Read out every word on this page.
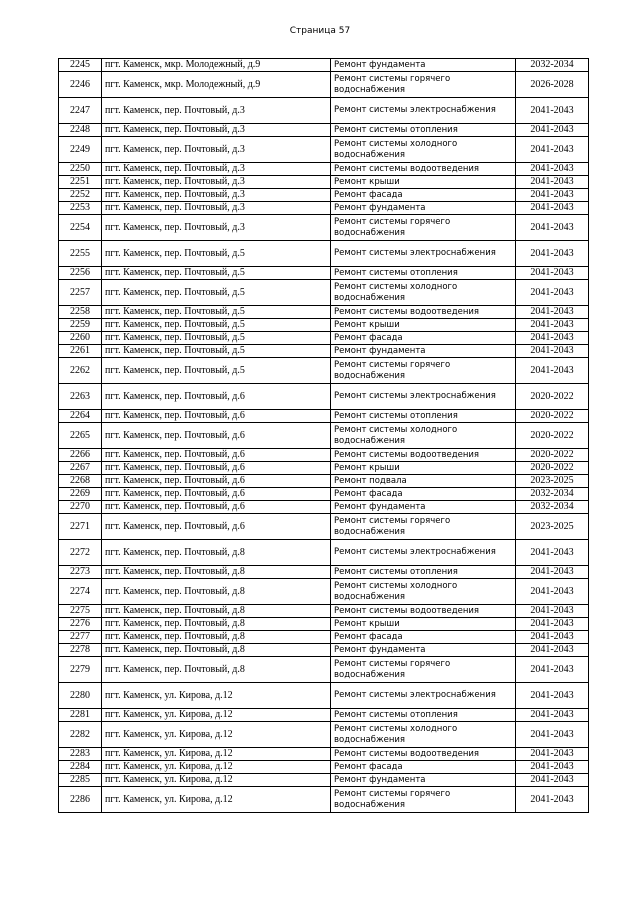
Страница 57
2245	пгт. Каменск, мкр. Молодежный, д.9	Ремонт фундамента	2032-2034
2246	пгт. Каменск, мкр. Молодежный, д.9	Ремонт системы горячего водоснабжения	2026-2028
2247	пгт. Каменск, пер. Почтовый, д.3	Ремонт системы электроснабжения	2041-2043
2248	пгт. Каменск, пер. Почтовый, д.3	Ремонт системы отопления	2041-2043
2249	пгт. Каменск, пер. Почтовый, д.3	Ремонт системы холодного водоснабжения	2041-2043
2250	пгт. Каменск, пер. Почтовый, д.3	Ремонт системы водоотведения	2041-2043
2251	пгт. Каменск, пер. Почтовый, д.3	Ремонт крыши	2041-2043
2252	пгт. Каменск, пер. Почтовый, д.3	Ремонт фасада	2041-2043
2253	пгт. Каменск, пер. Почтовый, д.3	Ремонт фундамента	2041-2043
2254	пгт. Каменск, пер. Почтовый, д.3	Ремонт системы горячего водоснабжения	2041-2043
2255	пгт. Каменск, пер. Почтовый, д.5	Ремонт системы электроснабжения	2041-2043
2256	пгт. Каменск, пер. Почтовый, д.5	Ремонт системы отопления	2041-2043
2257	пгт. Каменск, пер. Почтовый, д.5	Ремонт системы холодного водоснабжения	2041-2043
2258	пгт. Каменск, пер. Почтовый, д.5	Ремонт системы водоотведения	2041-2043
2259	пгт. Каменск, пер. Почтовый, д.5	Ремонт крыши	2041-2043
2260	пгт. Каменск, пер. Почтовый, д.5	Ремонт фасада	2041-2043
2261	пгт. Каменск, пер. Почтовый, д.5	Ремонт фундамента	2041-2043
2262	пгт. Каменск, пер. Почтовый, д.5	Ремонт системы горячего водоснабжения	2041-2043
2263	пгт. Каменск, пер. Почтовый, д.6	Ремонт системы электроснабжения	2020-2022
2264	пгт. Каменск, пер. Почтовый, д.6	Ремонт системы отопления	2020-2022
2265	пгт. Каменск, пер. Почтовый, д.6	Ремонт системы холодного водоснабжения	2020-2022
2266	пгт. Каменск, пер. Почтовый, д.6	Ремонт системы водоотведения	2020-2022
2267	пгт. Каменск, пер. Почтовый, д.6	Ремонт крыши	2020-2022
2268	пгт. Каменск, пер. Почтовый, д.6	Ремонт подвала	2023-2025
2269	пгт. Каменск, пер. Почтовый, д.6	Ремонт фасада	2032-2034
2270	пгт. Каменск, пер. Почтовый, д.6	Ремонт фундамента	2032-2034
2271	пгт. Каменск, пер. Почтовый, д.6	Ремонт системы горячего водоснабжения	2023-2025
2272	пгт. Каменск, пер. Почтовый, д.8	Ремонт системы электроснабжения	2041-2043
2273	пгт. Каменск, пер. Почтовый, д.8	Ремонт системы отопления	2041-2043
2274	пгт. Каменск, пер. Почтовый, д.8	Ремонт системы холодного водоснабжения	2041-2043
2275	пгт. Каменск, пер. Почтовый, д.8	Ремонт системы водоотведения	2041-2043
2276	пгт. Каменск, пер. Почтовый, д.8	Ремонт крыши	2041-2043
2277	пгт. Каменск, пер. Почтовый, д.8	Ремонт фасада	2041-2043
2278	пгт. Каменск, пер. Почтовый, д.8	Ремонт фундамента	2041-2043
2279	пгт. Каменск, пер. Почтовый, д.8	Ремонт системы горячего водоснабжения	2041-2043
2280	пгт. Каменск, ул. Кирова, д.12	Ремонт системы электроснабжения	2041-2043
2281	пгт. Каменск, ул. Кирова, д.12	Ремонт системы отопления	2041-2043
2282	пгт. Каменск, ул. Кирова, д.12	Ремонт системы холодного водоснабжения	2041-2043
2283	пгт. Каменск, ул. Кирова, д.12	Ремонт системы водоотведения	2041-2043
2284	пгт. Каменск, ул. Кирова, д.12	Ремонт фасада	2041-2043
2285	пгт. Каменск, ул. Кирова, д.12	Ремонт фундамента	2041-2043
2286	пгт. Каменск, ул. Кирова, д.12	Ремонт системы горячего водоснабжения	2041-2043
